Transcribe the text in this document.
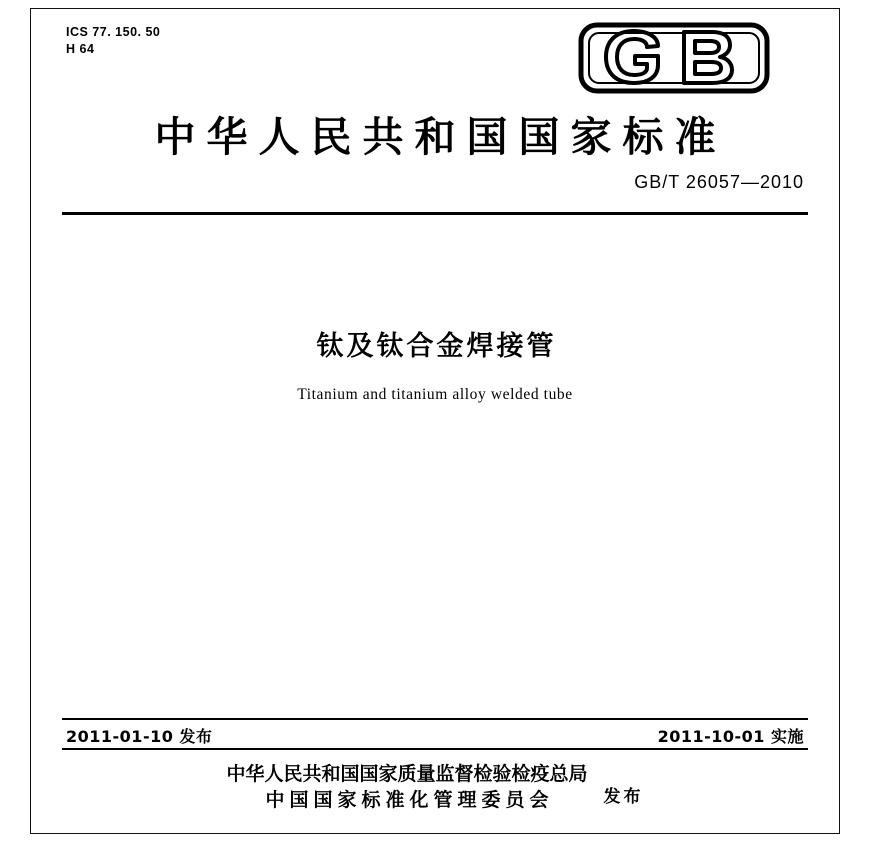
ICS 77. 150. 50
H 64
中华人民共和国国家标准
GB/T 26057—2010
钛及钛合金焊接管
Titanium and titanium alloy welded tube
2011-01-10 发布	2011-10-01 实施
中华人民共和国国家质量监督检验检疫总局
中国国家标准化管理委员会	发布
